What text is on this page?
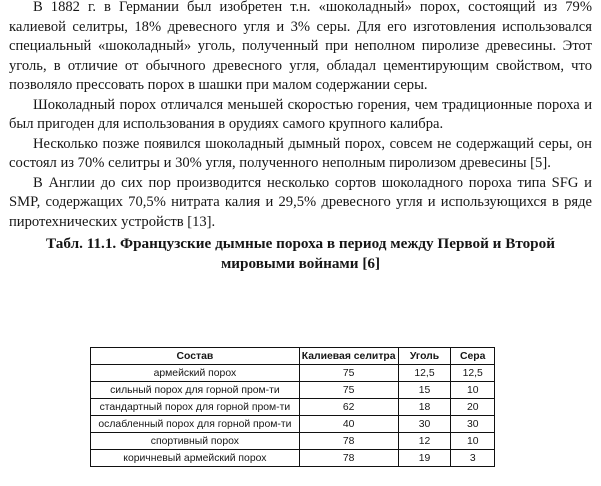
В 1882 г. в Германии был изобретен т.н. «шоколадный» порох, состоящий из 79% калиевой селитры, 18% древесного угля и 3% серы. Для его изготовления использовался специальный «шоколадный» уголь, полученный при неполном пиролизе древесины. Этот уголь, в отличие от обычного древесного угля, обладал цементирующим свойством, что позволяло прессовать порох в шашки при малом содержании серы.

Шоколадный порох отличался меньшей скоростью горения, чем традиционные пороха и был пригоден для использования в орудиях самого крупного калибра.

Несколько позже появился шоколадный дымный порох, совсем не содержащий серы, он состоял из 70% селитры и 30% угля, полученного неполным пиролизом древесины [5].

В Англии до сих пор производится несколько сортов шоколадного пороха типа SFG и SMP, содержащих 70,5% нитрата калия и 29,5% древесного угля и использующихся в ряде пиротехнических устройств [13].

Табл. 11.1. Французские дымные пороха в период между Первой и Второй мировыми войнами [6]

Состав	Калиевая селитра	Уголь	Сера
армейский порох	75	12,5	12,5
сильный порох для горной пром-ти	75	15	10
стандартный порох для горной пром-ти	62	18	20
ослабленный порох для горной пром-ти	40	30	30
спортивный порох	78	12	10
коричневый армейский порох	78	19	3
